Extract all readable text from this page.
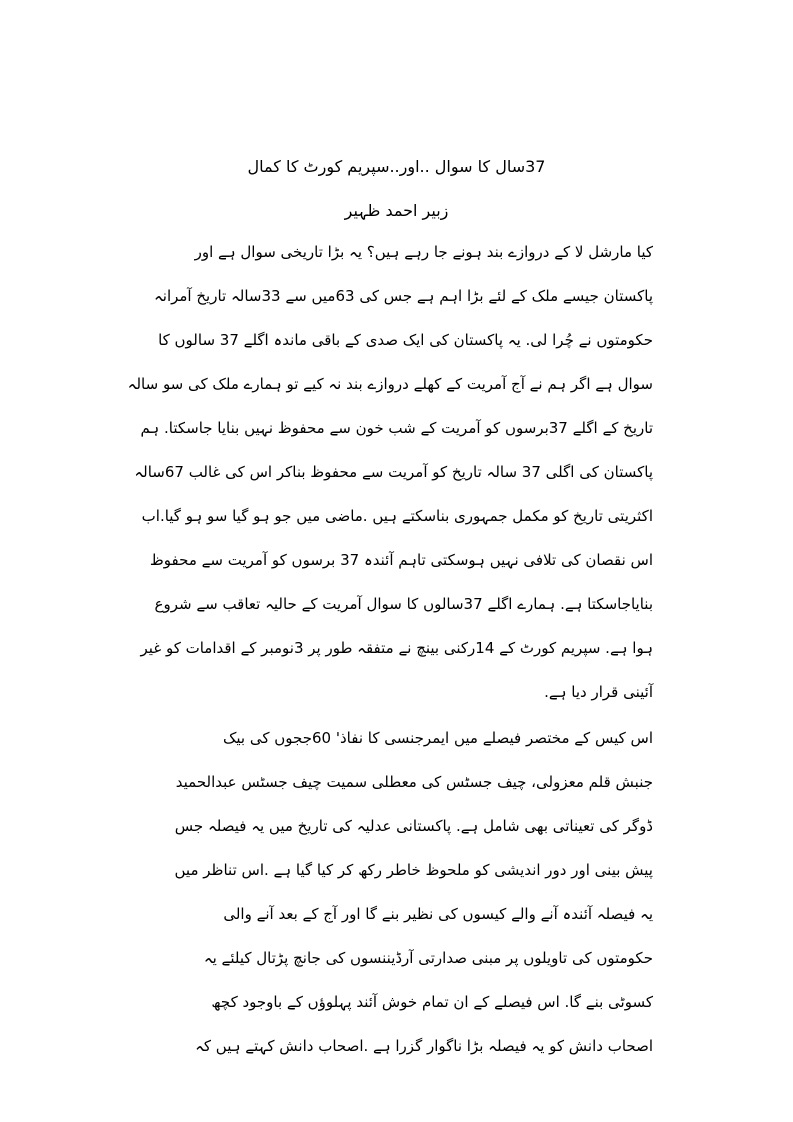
37سال کا سوال ..اور..سپریم کورٹ کا کمال
زبیر احمد ظہیر
کیا مارشل لا کے دروازے بند ہونے جا رہے ہیں؟ یہ بڑا تاریخی سوال ہے اور
پاکستان جیسے ملک کے لئے بڑا اہم ہے جس کی 63میں سے 33سالہ تاریخ آمرانہ
حکومتوں نے چُرا لی. یہ پاکستان کی ایک صدی کے باقی ماندہ اگلے 37 سالوں کا
سوال ہے اگر ہم نے آج آمریت کے کھلے دروازے بند نہ کیے تو ہمارے ملک کی سو سالہ
تاریخ کے اگلے 37برسوں کو آمریت کے شب خون سے محفوظ نہیں بنایا جاسکتا. ہم
پاکستان کی اگلی 37 سالہ تاریخ کو آمریت سے محفوظ بناکر اس کی غالب 67سالہ
اکثریتی تاریخ کو مکمل جمہوری بناسکتے ہیں .ماضی میں جو ہو گیا سو ہو گیا.اب
اس نقصان کی تلافی نہیں ہوسکتی تاہم آئندہ 37 برسوں کو آمریت سے محفوظ
بنایاجاسکتا ہے. ہمارے اگلے 37سالوں کا سوال آمریت کے حالیہ تعاقب سے شروع
ہوا ہے. سپریم کورٹ کے 14رکنی بینچ نے متفقہ طور پر 3نومبر کے اقدامات کو غیر
آئینی قرار دیا ہے.
اس کیس کے مختصر فیصلے میں ایمرجنسی کا نفاذ' 60ججوں کی بیک
جنبش قلم معزولی، چیف جسٹس کی معطلی سمیت چیف جسٹس عبدالحمید
ڈوگر کی تعیناتی بھی شامل ہے. پاکستانی عدلیہ کی تاریخ میں یہ فیصلہ جس
پیش بینی اور دور اندیشی کو ملحوظ خاطر رکھ کر کیا گیا ہے .اس تناظر میں
یہ فیصلہ آئندہ آنے والے کیسوں کی نظیر بنے گا اور آج کے بعد آنے والی
حکومتوں کی تاویلوں پر مبنی صدارتی آرڈیننسوں کی جانچ پڑتال کیلئے یہ
کسوٹی بنے گا. اس فیصلے کے ان تمام خوش آئند پہلوؤں کے باوجود کچھ
اصحاب دانش کو یہ فیصلہ بڑا ناگوار گزرا ہے .اصحاب دانش کہتے ہیں کہ
